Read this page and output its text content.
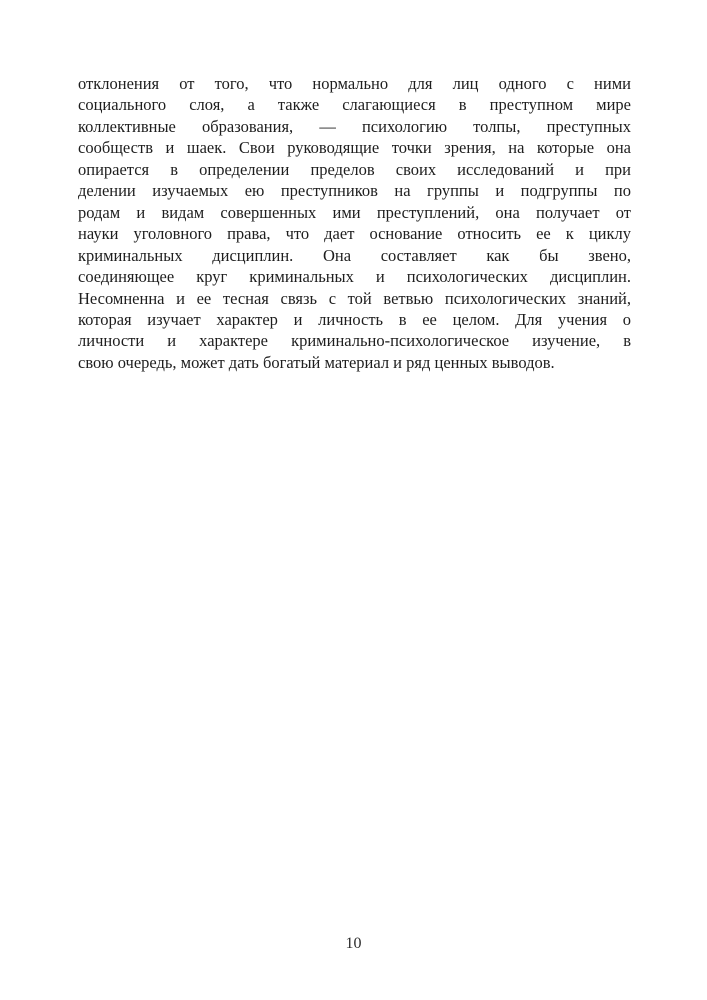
отклонения от того, что нормально для лиц одного с ними
социального слоя, а также слагающиеся в преступном мире
коллективные образования, — психологию толпы, преступных
сообществ и шаек. Свои руководящие точки зрения, на которые она
опирается в определении пределов своих исследований и при
делении изучаемых ею преступников на группы и подгруппы по
родам и видам совершенных ими преступлений, она получает от
науки уголовного права, что дает основание относить ее к циклу
криминальных дисциплин. Она составляет как бы звено,
соединяющее круг криминальных и психологических дисциплин.
Несомненна и ее тесная связь с той ветвью психологических знаний,
которая изучает характер и личность в ее целом. Для учения о
личности и характере криминально-психологическое изучение, в
свою очередь, может дать богатый материал и ряд ценных выводов.
10
